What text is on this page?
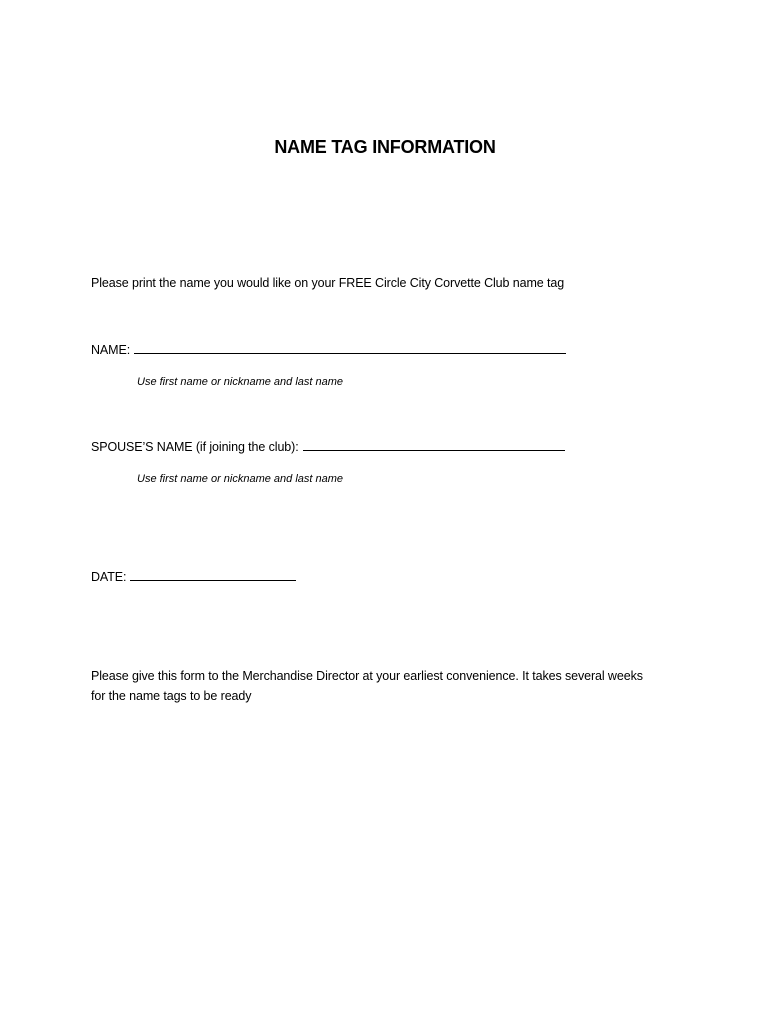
NAME TAG INFORMATION
Please print the name you would like on your FREE Circle City Corvette Club name tag
NAME:
Use first name or nickname and last name
SPOUSE’S NAME (if joining the club):
Use first name or nickname and last name
DATE:
Please give this form to the Merchandise Director at your earliest convenience. It takes several weeks
for the name tags to be ready
